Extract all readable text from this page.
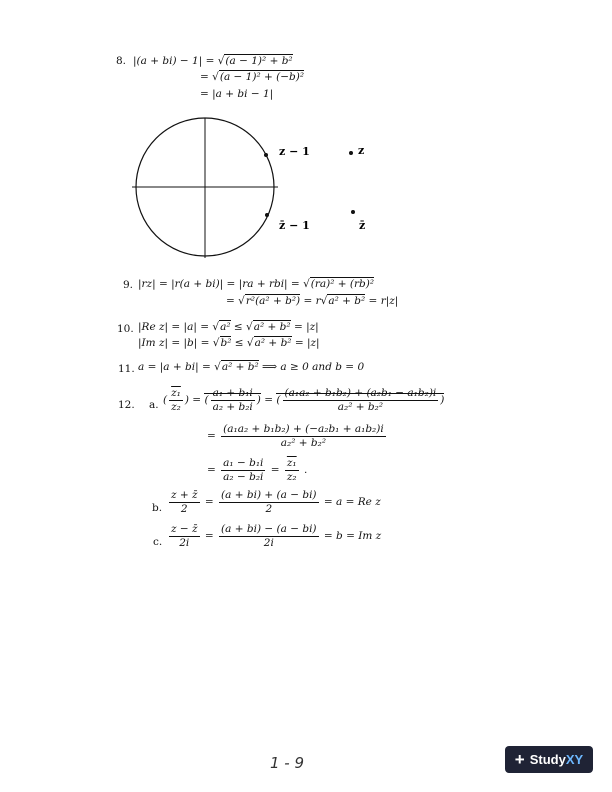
8. |(a + bi) − 1| = √(a − 1)² + b²
= √(a − 1)² + (−b)²
= |a + bi − 1|
z − 1	z
z̄ − 1	z̄
9. |rz| = |r(a + bi)| = |ra + rbi| = √(ra)² + (rb)²
= √r²(a² + b²) = r√a² + b² = r|z|
10. |Re z| = |a| = √a² ≤ √a² + b² = |z|
|Im z| = |b| = √b² ≤ √a² + b² = |z|
11. a = |a + bi| = √a² + b² ⟹ a ≥ 0 and b = 0
12. a. ( $\frac{\text{z₁}}{\text{z₂}}$ ) = ( $\frac{\text{a₁ + b₁i}}{\text{a₂ + b₂i}}$ ) = ( $\frac{\text{(a₁a₂ + b₁b₂) + (a₂b₁ − a₁b₂)i}}{\text{a₂² + b₂²}}$ )
= $\frac{\text{(a₁a₂ + b₁b₂) + (−a₂b₁ + a₁b₂)i}}{\text{a₂² + b₂²}}$
= $\frac{\text{a₁ − b₁i}}{\text{a₂ − b₂i}} = \frac{\text{z₁}}{\text{z₂}}$ .
b. $\frac{z + z̄}{2} = \frac{(a + bi) + (a - bi)}{2} = a = Re$ z
c. $\frac{z - z̄}{2i} = \frac{(a + bi) - (a - bi)}{2i} = b = Im$ z
1 - 9	+ StudyXY
